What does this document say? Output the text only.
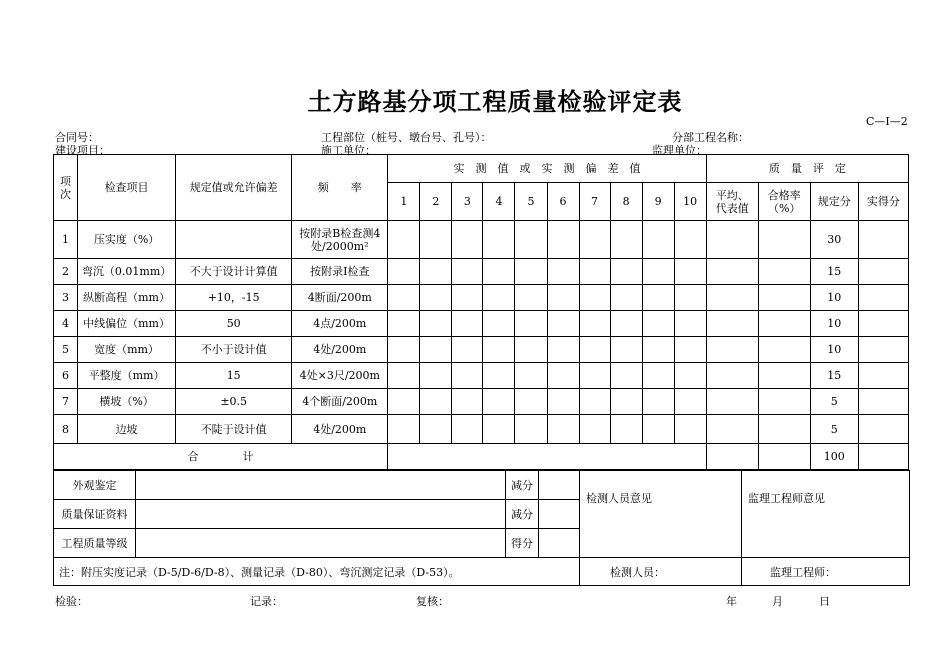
土方路基分项工程质量检验评定表
C—I—2
合同号：	工程部位（桩号、墩台号、孔号）：	分部工程名称：
建设项目：	施工单位：	监理单位：
项次	检查项目	规定值或允许偏差	频　　率	实　测　值　或　实　测　偏　差　值										质　量　评　定			
				1	2	3	4	5	6	7	8	9	10	平均、代表值	合格率（%）	规定分	实得分
1	压实度（%）		按附录B检查测4处/2000m²													30	
2	弯沉（0.01mm）	不大于设计计算值	按附录Ⅰ检查													15	
3	纵断高程（mm）	+10，-15	4断面/200m													10	
4	中线偏位（mm）	50	4点/200m													10	
5	宽度（mm）	不小于设计值	4处/200m													10	
6	平整度（mm）	15	4处×3尺/200m													15	
7	横坡（%）	±0.5	4个断面/200m													5	
8	边坡	不陡于设计值	4处/200m													5	
合　　　　计																100	
外观鉴定		减分		检测人员意见	监理工程师意见
质量保证资料		减分			
工程质量等级		得分			
注：附压实度记录（D-5/D-6/D-8）、测量记录（D-80）、弯沉测定记录（D-53）。				检测人员：	监理工程师：
检验：	记录：	复核：	年	月	日
